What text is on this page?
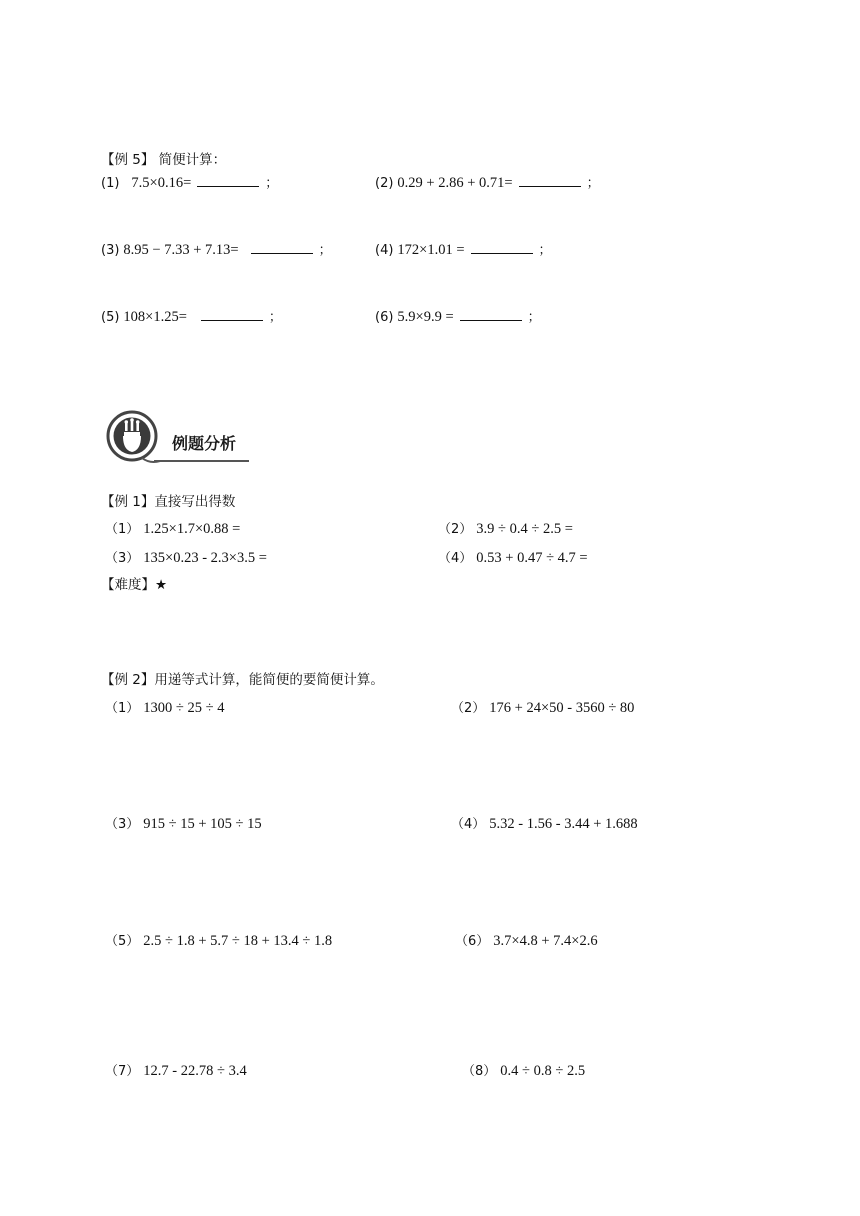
【例 5】 简便计算：
(1) 7.5×0.16=	；	(2) 0.29 + 2.86 + 0.71=	；
(3) 8.95 − 7.33 + 7.13=	；	(4) 172×1.01 =	；
(5) 108×1.25=	；	(6) 5.9×9.9 =	；
例题分析
【例 1】直接写出得数
（1） 1.25×1.7×0.88 =	（2） 3.9 ÷ 0.4 ÷ 2.5 =
（3） 135×0.23 - 2.3×3.5 =	（4） 0.53 + 0.47 ÷ 4.7 =
【难度】★
【例 2】用递等式计算，能简便的要简便计算。
（1） 1300 ÷ 25 ÷ 4	（2） 176 + 24×50 - 3560 ÷ 80
（3） 915 ÷ 15 + 105 ÷ 15	（4） 5.32 - 1.56 - 3.44 + 1.688
（5） 2.5 ÷ 1.8 + 5.7 ÷ 18 + 13.4 ÷ 1.8	（6） 3.7×4.8 + 7.4×2.6
（7） 12.7 - 22.78 ÷ 3.4	（8） 0.4 ÷ 0.8 ÷ 2.5
